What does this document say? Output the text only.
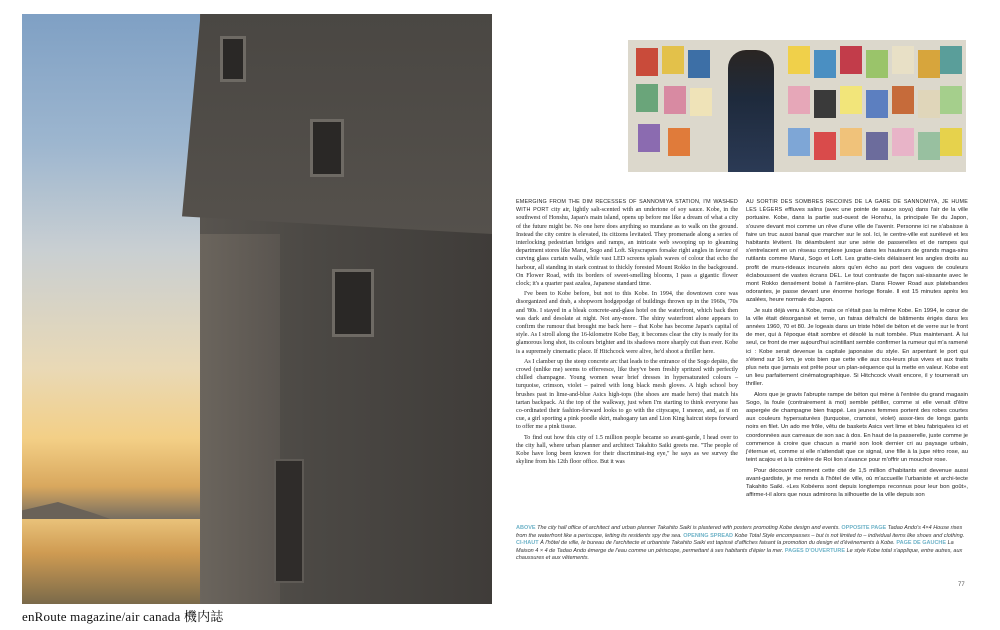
enRoute magazine/air canada 機内誌

EMERGING FROM THE DIM RECESSES OF SANNOMIYA STATION, I'M WASHED WITH PORT city air, lightly salt-scented with an undertone of soy sauce. Kobe, in the southwest of Honshu, Japan's main island, opens up before me like a dream of what a city of the future might be. No one here does anything so mundane as to walk on the ground. Instead the city centre is elevated, its citizens levitated. They promenade along a series of interlocking pedestrian bridges and ramps, an intricate web swooping up to gleaming department stores like Marui, Sogo and Loft. Skyscrapers forsake right angles in favour of curving glass curtain walls, while vast LED screens splash waves of colour that echo the harbour, all standing in stark contrast to thickly forested Mount Rokko in the background. On Flower Road, with its borders of sweet-smelling blooms, I pass a gigantic flower clock; it's a quarter past azalea, Japanese standard time.

I've been to Kobe before, but not to this Kobe. In 1994, the downtown core was disorganized and drab, a shopworn hodgepodge of buildings thrown up in the 1960s, '70s and '80s. I stayed in a bleak concrete-and-glass hotel on the waterfront, which back then was dark and desolate at night. Not any-more. The shiny waterfront alone appears to confirm the rumour that brought me back here – that Kobe has become Japan's capital of style. As I stroll along the 16-kilometre Kobe Bay, it becomes clear the city is ready for its glamorous long shot, its colours brighter and its shadows more sharply cut than ever. Kobe is a supremely cinematic place. If Hitchcock were alive, he'd shoot a thriller here.

As I clamber up the steep concrete arc that leads to the entrance of the Sogo depāto, the crowd (unlike me) seems to effervesce, like they've been freshly spritzed with perfectly chilled champagne. Young women wear brief dresses in hypersaturated colours – turquoise, crimson, violet – paired with long black mesh gloves. A high school boy brushes past in lime-and-blue Asics high-tops (the shoes are made here) that match his tartan backpack. At the top of the walkway, just when I'm starting to think everyone has co-ordinated their fashion-forward looks to go with the cityscape, I sneeze, and, as if on cue, a girl sporting a pink poodle skirt, mahogany tan and Lion King haircut steps forward to offer me a pink tissue.

To find out how this city of 1.5 million people became so avant-garde, I head over to the city hall, where urban planner and architect Takahito Saiki greets me. "The people of Kobe have long been known for their discriminat-ing eye," he says as we survey the skyline from his 12th floor office. But it was

AU SORTIR DES SOMBRES RECOINS DE LA GARE DE SANNOMIYA, JE HUME LES LÉGERS effluves salins (avec une pointe de sauce soya) dans l'air de la ville portuaire. Kobe, dans la partie sud-ouest de Honshu, la principale île du Japon, s'ouvre devant moi comme un rêve d'une ville de l'avenir. Personne ici ne s'abaisse à faire un truc aussi banal que marcher sur le sol. Ici, le centre-ville est surélevé et les habitants lévitent. Ils déambulent sur une série de passerelles et de rampes qui s'entrelacent en un réseau complexe jusque dans les hauteurs de grands maga-sins rutilants comme Marui, Sogo et Loft. Les gratte-ciels délaissent les angles droits au profit de murs-rideaux incurvés alors qu'en écho au port des vagues de couleurs éclaboussent de vastes écrans DEL. Le tout contraste de façon sai-sissante avec le mont Rokko densément boisé à l'arrière-plan. Dans Flower Road aux platebandes odorantes, je passe devant une énorme horloge florale. Il est 15 minutes après les azalées, heure normale du Japon.

Je suis déjà venu à Kobe, mais ce n'était pas la même Kobe. En 1994, le cœur de la ville était désorganisé et terne, un fatras défraîchi de bâtiments érigés dans les années 1960, 70 et 80. Je logeais dans un triste hôtel de béton et de verre sur le front de mer, qui à l'époque était sombre et désolé la nuit tombée. Plus maintenant. À lui seul, ce front de mer aujourd'hui scintillant semble confirmer la rumeur qui m'a ramené ici : Kobe serait devenue la capitale japonaise du style. En arpentant le port qui s'étend sur 16 km, je vois bien que cette ville aux cou-leurs plus vives et aux traits plus nets que jamais est prête pour un plan-séquence qui la mette en valeur. Kobe est un lieu parfaitement cinématographique. Si Hitchcock vivait encore, il y tournerait un thriller.

Alors que je gravis l'abrupte rampe de béton qui mène à l'entrée du grand magasin Sogo, la foule (contrairement à moi) semble pétiller, comme si elle venait d'être aspergée de champagne bien frappé. Les jeunes femmes portent des robes courtes aux couleurs hypersaturées (turquoise, cramoisi, violet) assor-ties de longs gants noirs en filet. Un ado me frôle, vêtu de baskets Asics vert lime et bleu fabriquées ici et coordonnées aux carreaux de son sac à dos. En haut de la passerelle, juste comme je commence à croire que chacun a marié son look dernier cri au paysage urbain, j'éternue et, comme si elle n'attendait que ce signal, une fille à la jupe rétro rose, au teint acajou et à la crinière de Roi lion s'avance pour m'offrir un mouchoir rose.

Pour découvrir comment cette cité de 1,5 million d'habitants est devenue aussi avant-gardiste, je me rends à l'hôtel de ville, où m'accueille l'urbaniste et archi-tecte Takahito Saiki. «Les Kobéens sont depuis longtemps reconnus pour leur bon goût», affirme-t-il alors que nous admirons la silhouette de la ville depuis son

ABOVE The city hall office of architect and urban planner Takahito Saiki is plastered with posters promoting Kobe design and events. OPPOSITE PAGE Tadao Ando's 4×4 House rises from the waterfront like a periscope, letting its residents spy the sea. OPENING SPREAD Kobe Total Style encompasses – but is not limited to – individual items like shoes and clothing. CI-HAUT À l'hôtel de ville, le bureau de l'architecte et urbaniste Takahito Saiki est tapissé d'affiches faisant la promotion du design et d'événements à Kobe. PAGE DE GAUCHE La Maison 4 × 4 de Tadao Ando émerge de l'eau comme un périscope, permettant à ses habitants d'épier la mer. PAGES D'OUVERTURE Le style Kobe total s'applique, entre autres, aux chaussures et aux vêtements.
77
